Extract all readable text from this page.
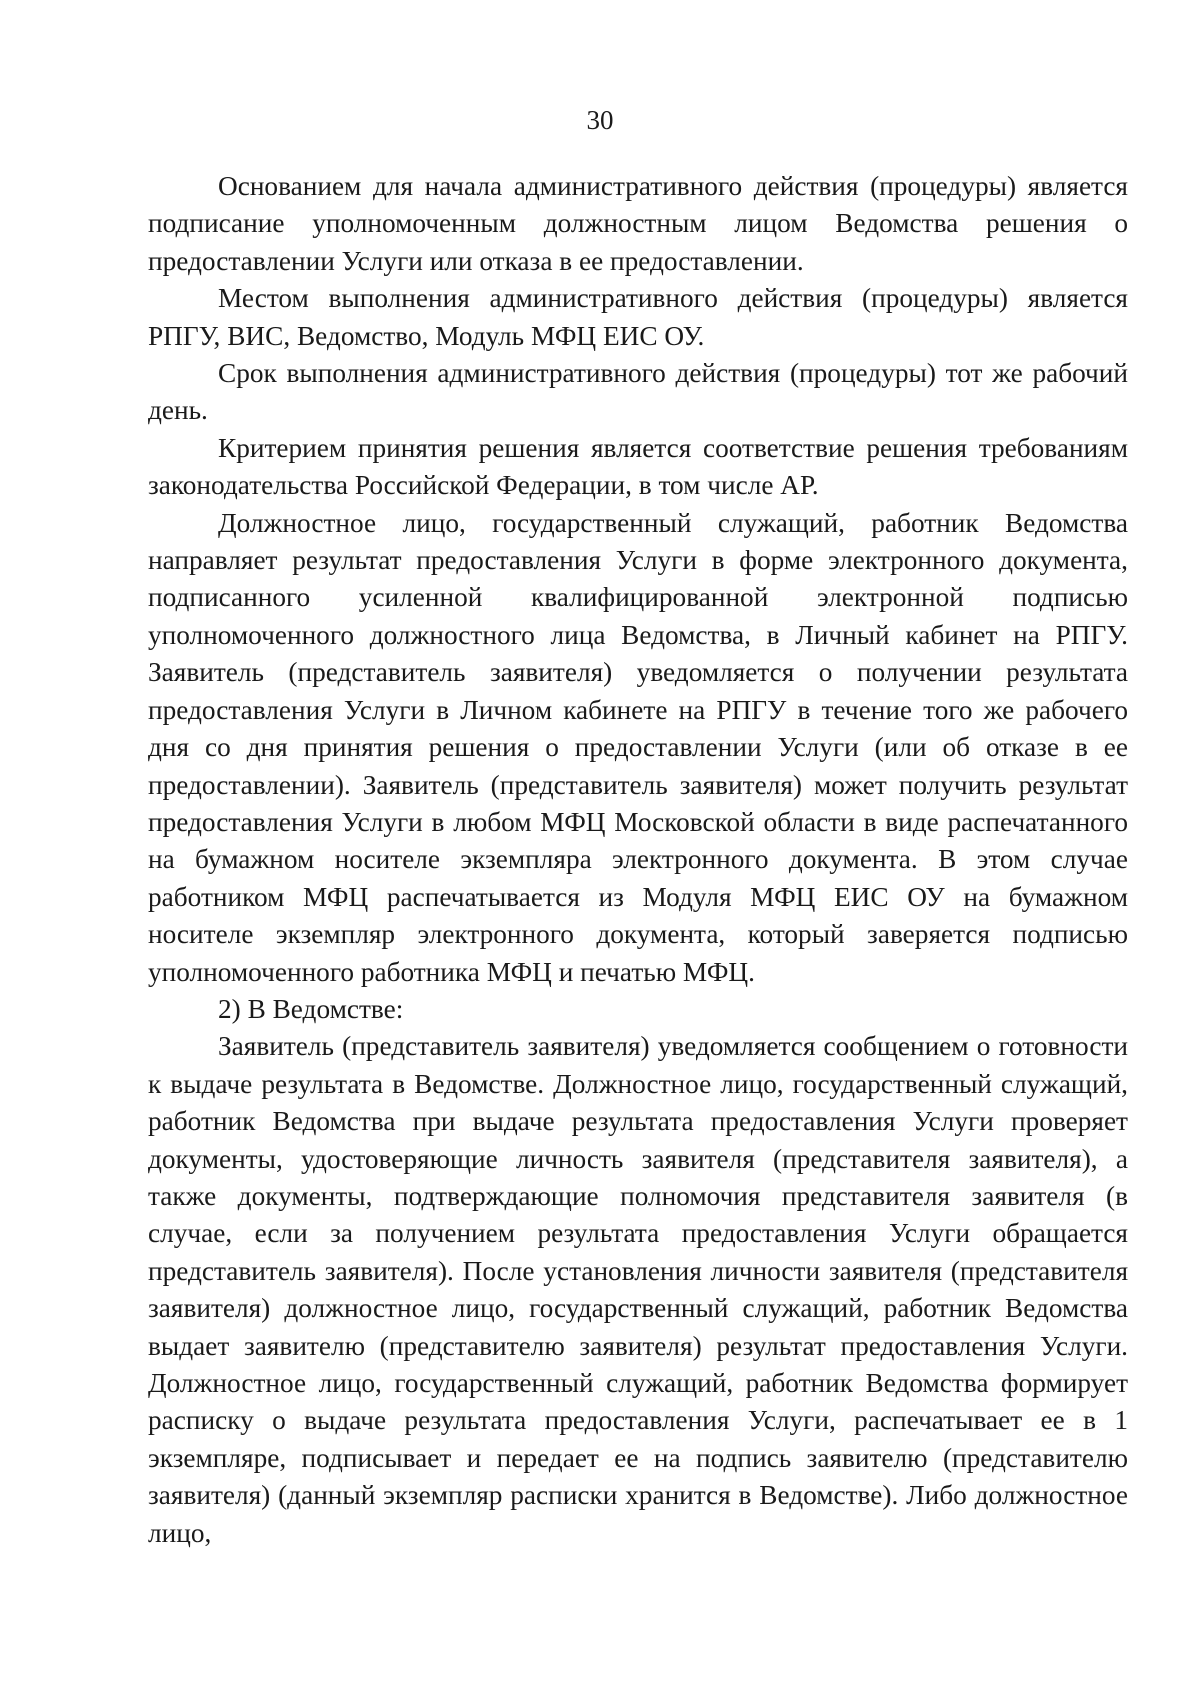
30

Основанием для начала административного действия (процедуры) является подписание уполномоченным должностным лицом Ведомства решения о предоставлении Услуги или отказа в ее предоставлении.

Местом выполнения административного действия (процедуры) является РПГУ, ВИС, Ведомство, Модуль МФЦ ЕИС ОУ.

Срок выполнения административного действия (процедуры) тот же рабочий день.

Критерием принятия решения является соответствие решения требованиям законодательства Российской Федерации, в том числе АР.

Должностное лицо, государственный служащий, работник Ведомства направляет результат предоставления Услуги в форме электронного документа, подписанного усиленной квалифицированной электронной подписью уполномоченного должностного лица Ведомства, в Личный кабинет на РПГУ. Заявитель (представитель заявителя) уведомляется о получении результата предоставления Услуги в Личном кабинете на РПГУ в течение того же рабочего дня со дня принятия решения о предоставлении Услуги (или об отказе в ее предоставлении). Заявитель (представитель заявителя) может получить результат предоставления Услуги в любом МФЦ Московской области в виде распечатанного на бумажном носителе экземпляра электронного документа. В этом случае работником МФЦ распечатывается из Модуля МФЦ ЕИС ОУ на бумажном носителе экземпляр электронного документа, который заверяется подписью уполномоченного работника МФЦ и печатью МФЦ.

2) В Ведомстве:

Заявитель (представитель заявителя) уведомляется сообщением о готовности к выдаче результата в Ведомстве. Должностное лицо, государственный служащий, работник Ведомства при выдаче результата предоставления Услуги проверяет документы, удостоверяющие личность заявителя (представителя заявителя), а также документы, подтверждающие полномочия представителя заявителя (в случае, если за получением результата предоставления Услуги обращается представитель заявителя). После установления личности заявителя (представителя заявителя) должностное лицо, государственный служащий, работник Ведомства выдает заявителю (представителю заявителя) результат предоставления Услуги. Должностное лицо, государственный служащий, работник Ведомства формирует расписку о выдаче результата предоставления Услуги, распечатывает ее в 1 экземпляре, подписывает и передает ее на подпись заявителю (представителю заявителя) (данный экземпляр расписки хранится в Ведомстве). Либо должностное лицо,
